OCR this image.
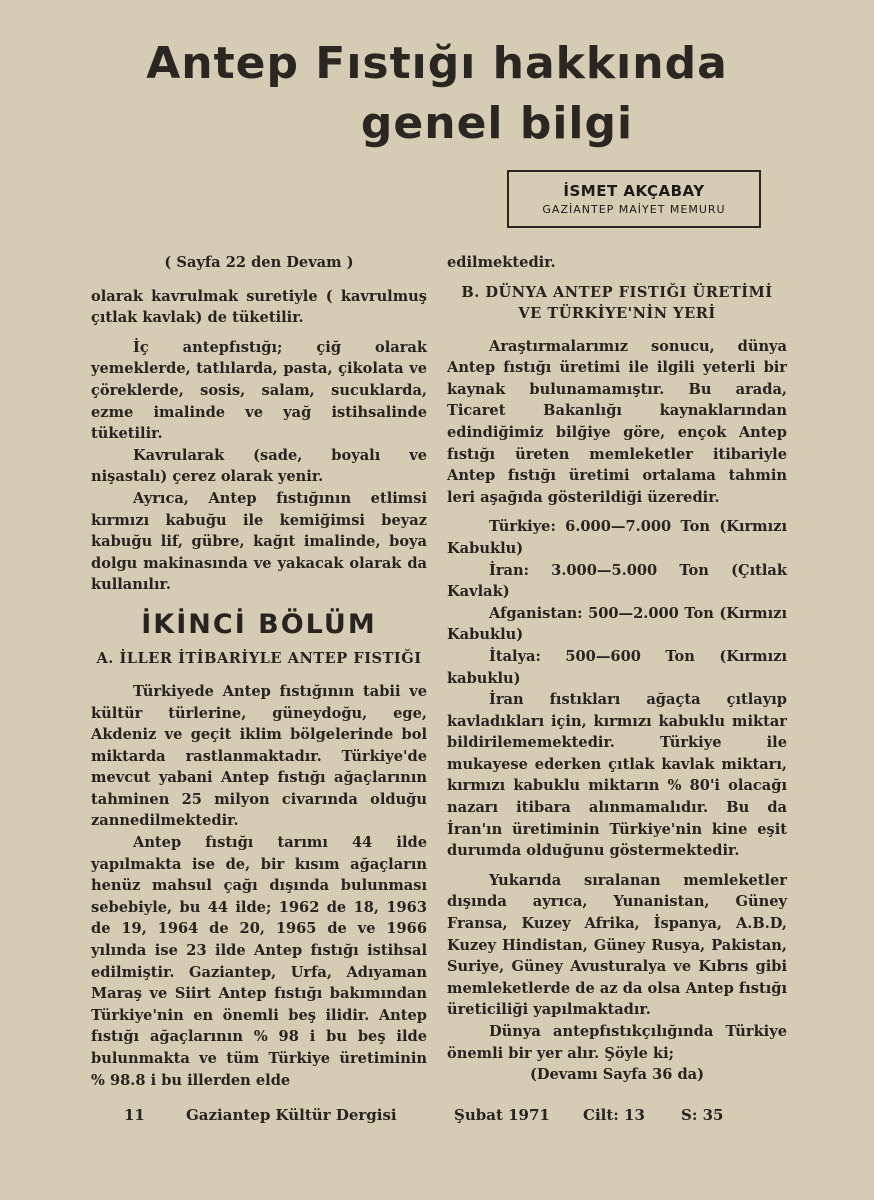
Antep Fıstığı hakkında
genel bilgi
İSMET AKÇABAY
GAZİANTEP MAİYET MEMURU

( Sayfa 22 den Devam )

olarak kavrulmak suretiyle ( kavrulmuş çıtlak kavlak) de tüketilir.

İç antepfıstığı; çiğ olarak yemeklerde, tatlılarda, pasta, çikolata ve çöreklerde, sosis, salam, sucuklarda, ezme imalinde ve yağ istihsalinde tüketilir.

Kavrularak (sade, boyalı ve nişastalı) çerez olarak yenir.

Ayrıca, Antep fıstığının etlimsi kırmızı kabuğu ile kemiğimsi beyaz kabuğu lif, gübre, kağıt imalinde, boya dolgu makinasında ve yakacak olarak da kullanılır.

İKİNCİ BÖLÜM
A. İLLER İTİBARİYLE ANTEP FISTIĞI

Türkiyede Antep fıstığının tabii ve kültür türlerine, güneydoğu, ege, Akdeniz ve geçit iklim bölgelerinde bol miktarda rastlanmaktadır. Türkiye'de mevcut yabani Antep fıstığı ağaçlarının tahminen 25 milyon civarında olduğu zannedilmektedir.

Antep fıstığı tarımı 44 ilde yapılmakta ise de, bir kısım ağaçların henüz mahsul çağı dışında bulunması sebebiyle, bu 44 ilde; 1962 de 18, 1963 de 19, 1964 de 20, 1965 de ve 1966 yılında ise 23 ilde Antep fıstığı istihsal edilmiştir. Gaziantep, Urfa, Adıyaman Maraş ve Siirt Antep fıstığı bakımından Türkiye'nin en önemli beş ilidir. Antep fıstığı ağaçlarının % 98 i bu beş ilde bulunmakta ve tüm Türkiye üretiminin % 98.8 i bu illerden elde

edilmektedir.

B. DÜNYA ANTEP FISTIĞI ÜRETİMİ VE TÜRKİYE'NİN YERİ

Araştırmalarımız sonucu, dünya Antep fıstığı üretimi ile ilgili yeterli bir kaynak bulunamamıştır. Bu arada, Ticaret Bakanlığı kaynaklarından edindiğimiz bilğiye göre, ençok Antep fıstığı üreten memleketler itibariyle Antep fıstığı üretimi ortalama tahmin leri aşağıda gösterildiği üzeredir.

Türkiye: 6.000—7.000 Ton (Kırmızı Kabuklu)

İran: 3.000—5.000 Ton (Çıtlak Kavlak)

Afganistan: 500—2.000 Ton (Kırmızı Kabuklu)

İtalya: 500—600 Ton (Kırmızı kabuklu)

İran fıstıkları ağaçta çıtlayıp kavladıkları için, kırmızı kabuklu miktar bildirilememektedir. Türkiye ile mukayese ederken çıtlak kavlak miktarı, kırmızı kabuklu miktarın % 80'i olacağı nazarı itibara alınmamalıdır. Bu da İran'ın üretiminin Türkiye'nin kine eşit durumda olduğunu göstermektedir.

Yukarıda sıralanan memleketler dışında ayrıca, Yunanistan, Güney Fransa, Kuzey Afrika, İspanya, A.B.D, Kuzey Hindistan, Güney Rusya, Pakistan, Suriye, Güney Avusturalya ve Kıbrıs gibi memleketlerde de az da olsa Antep fıstığı üreticiliği yapılmaktadır.

Dünya antepfıstıkçılığında Türkiye önemli bir yer alır. Şöyle ki;

(Devamı Sayfa 36 da)

11	Gaziantep Kültür Dergisi	Şubat 1971 Cilt: 13 S: 35
